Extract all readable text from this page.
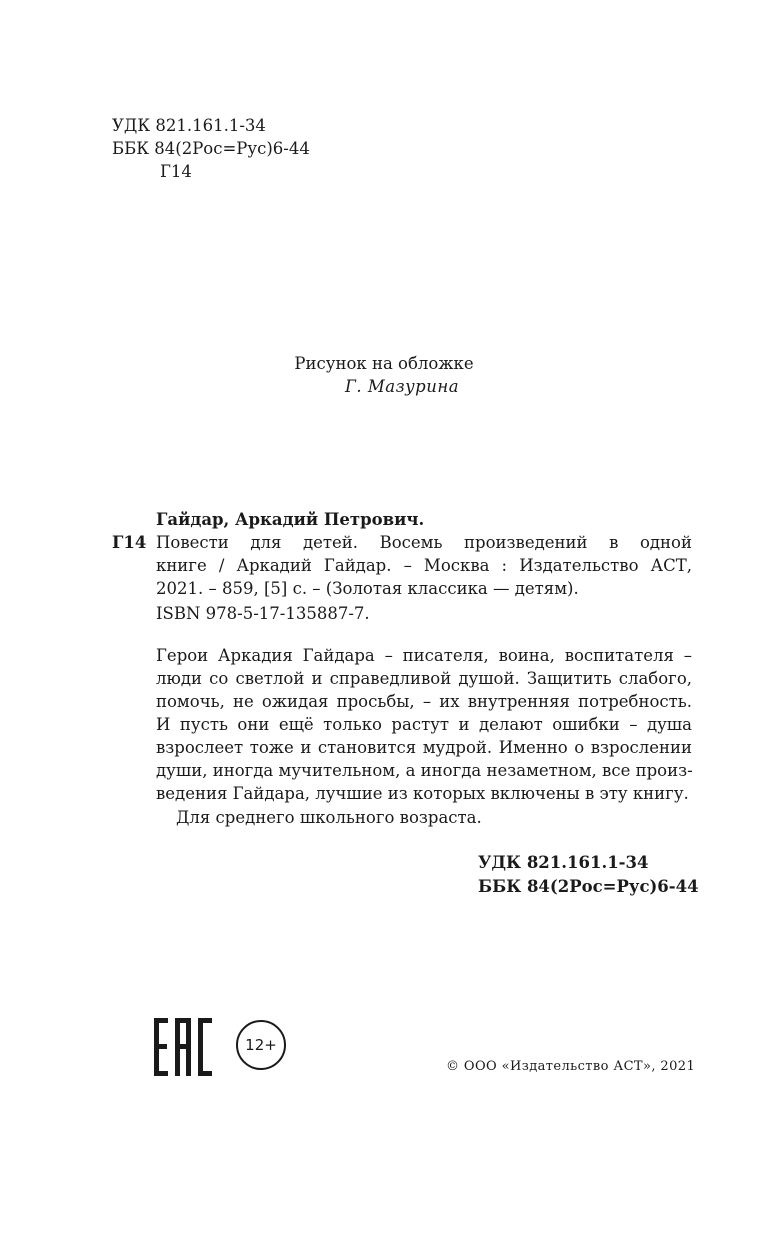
УДК 821.161.1-34
ББК 84(2Рос=Рус)6-44
Г14
Рисунок на обложке
Г. Мазурина
Гайдар, Аркадий Петрович.
Г14 Повести для детей. Восемь произведений в одной
книге / Аркадий Гайдар. – Москва : Издательство АСТ,
2021. – 859, [5] с. – (Золотая классика — детям).
ISBN 978-5-17-135887-7.
Герои Аркадия Гайдара – писателя, воина, воспитателя –
люди со светлой и справедливой душой. Защитить слабого,
помочь, не ожидая просьбы, – их внутренняя потребность.
И пусть они ещё только растут и делают ошибки – душа
взрослеет тоже и становится мудрой. Именно о взрослении
души, иногда мучительном, а иногда незаметном, все произ-
ведения Гайдара, лучшие из которых включены в эту книгу.
Для среднего школьного возраста.
УДК 821.161.1-34
ББК 84(2Рос=Рус)6-44
12+
© ООО «Издательство АСТ», 2021
